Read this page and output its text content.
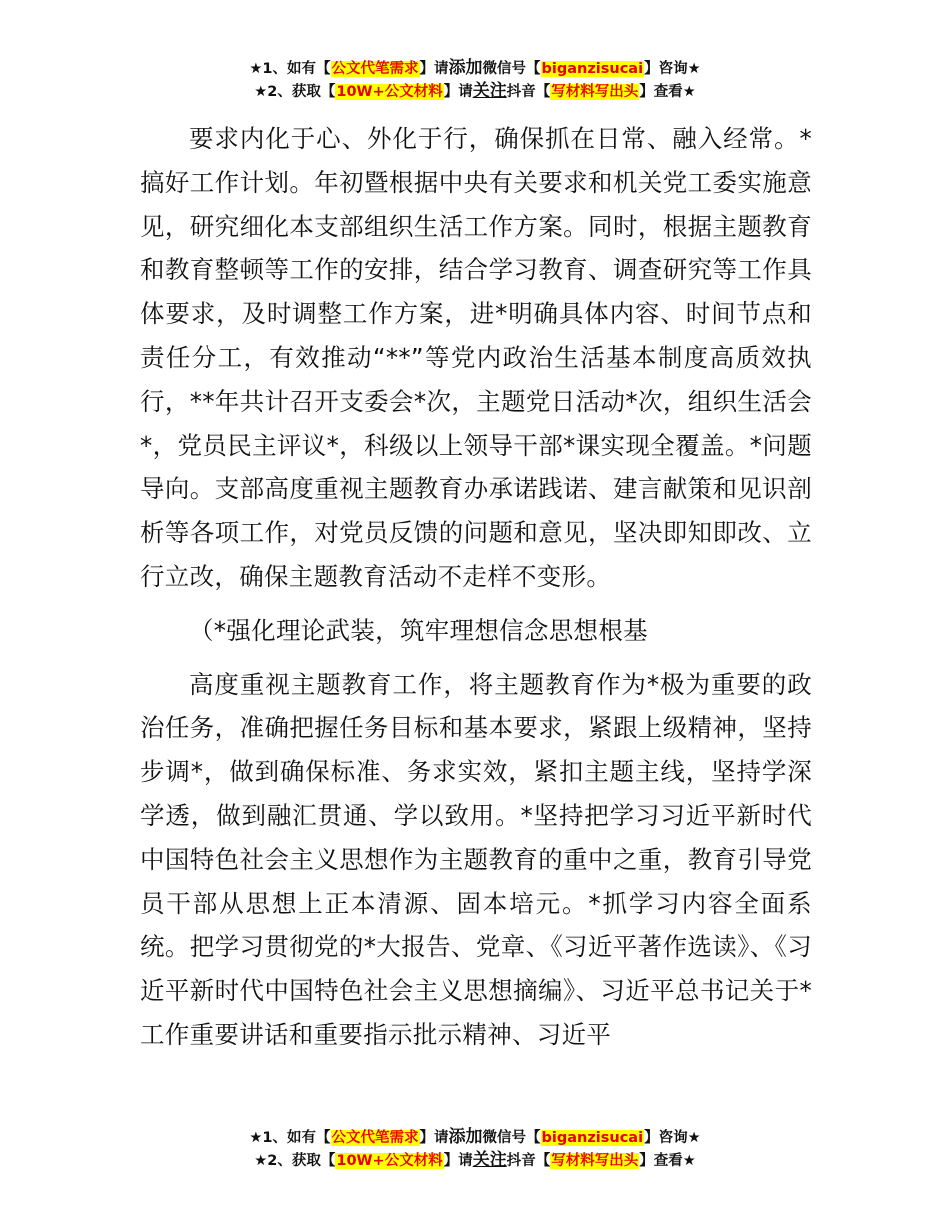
★1、如有【公文代笔需求】请添加微信号【biganzisucai】咨询★
★2、获取【10W+公文材料】请关注抖音【写材料写出头】查看★

要求内化于心、外化于行，确保抓在日常、融入经常。*搞好工作计划。年初暨根据中央有关要求和机关党工委实施意见，研究细化本支部组织生活工作方案。同时，根据主题教育和教育整顿等工作的安排，结合学习教育、调查研究等工作具体要求，及时调整工作方案，进*明确具体内容、时间节点和责任分工，有效推动“**”等党内政治生活基本制度高质效执行，**年共计召开支委会*次，主题党日活动*次，组织生活会*，党员民主评议*，科级以上领导干部*课实现全覆盖。*问题导向。支部高度重视主题教育办承诺践诺、建言献策和见识剖析等各项工作，对党员反馈的问题和意见，坚决即知即改、立行立改，确保主题教育活动不走样不变形。

（*强化理论武装，筑牢理想信念思想根基

高度重视主题教育工作，将主题教育作为*极为重要的政治任务，准确把握任务目标和基本要求，紧跟上级精神，坚持步调*，做到确保标准、务求实效，紧扣主题主线，坚持学深学透，做到融汇贯通、学以致用。*坚持把学习习近平新时代中国特色社会主义思想作为主题教育的重中之重，教育引导党员干部从思想上正本清源、固本培元。*抓学习内容全面系统。把学习贯彻党的*大报告、党章、《习近平著作选读》、《习近平新时代中国特色社会主义思想摘编》、习近平总书记关于*工作重要讲话和重要指示批示精神、习近平

★1、如有【公文代笔需求】请添加微信号【biganzisucai】咨询★
★2、获取【10W+公文材料】请关注抖音【写材料写出头】查看★
